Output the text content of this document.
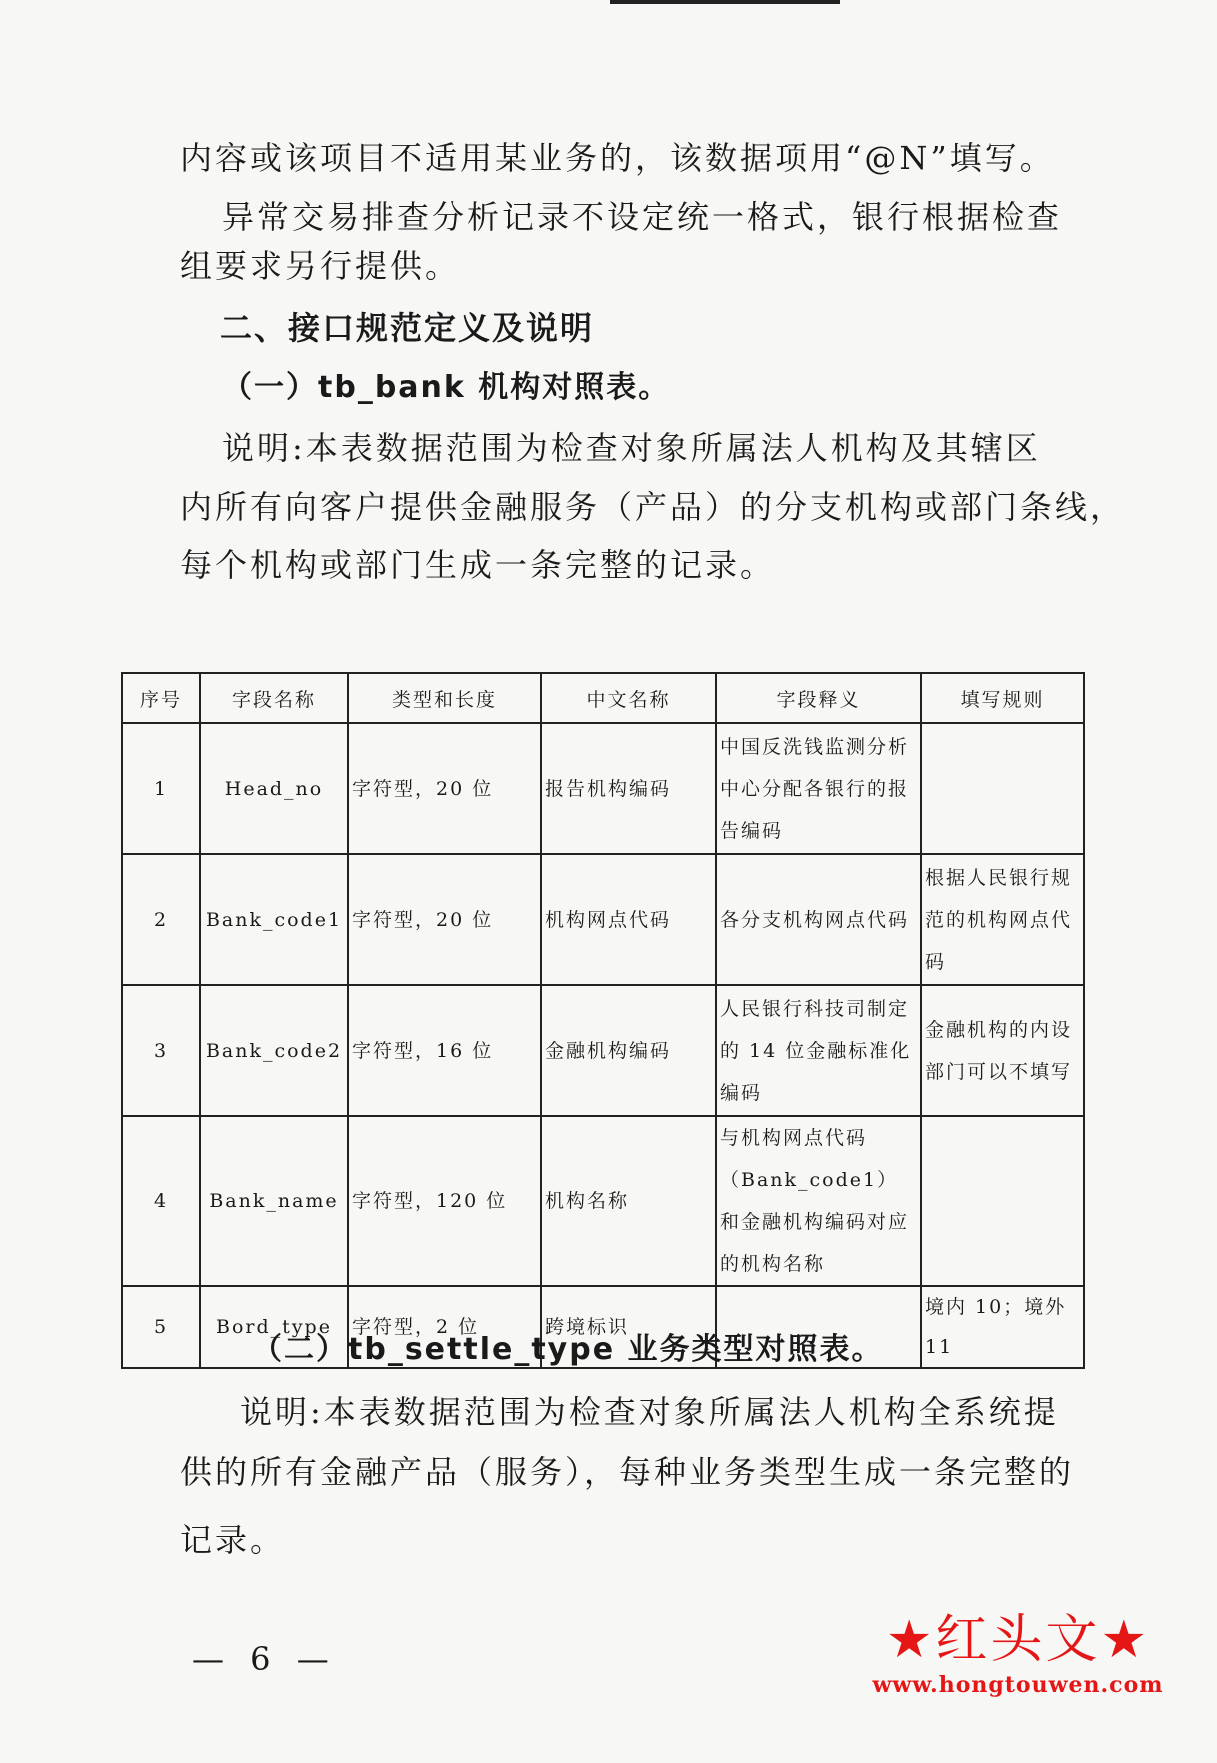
内容或该项目不适用某业务的，该数据项用“@N”填写。

异常交易排查分析记录不设定统一格式，银行根据检查

组要求另行提供。

二、接口规范定义及说明
（一）tb_bank 机构对照表。

说明:本表数据范围为检查对象所属法人机构及其辖区

内所有向客户提供金融服务（产品）的分支机构或部门条线，

每个机构或部门生成一条完整的记录。

序号	字段名称	类型和长度	中文名称	字段释义	填写规则
1	Head_no	字符型，20 位	报告机构编码	中国反洗钱监测分析中心分配各银行的报告编码	
2	Bank_code1	字符型，20 位	机构网点代码	各分支机构网点代码	根据人民银行规范的机构网点代码
3	Bank_code2	字符型，16 位	金融机构编码	人民银行科技司制定的 14 位金融标准化编码	金融机构的内设部门可以不填写
4	Bank_name	字符型，120 位	机构名称	与机构网点代码（Bank_code1）和金融机构编码对应的机构名称	
5	Bord_type	字符型，2 位	跨境标识		境内 10；境外 11
（二）tb_settle_type 业务类型对照表。

说明:本表数据范围为检查对象所属法人机构全系统提

供的所有金融产品（服务），每种业务类型生成一条完整的

记录。

— 6 —	★红头文★
www.hongtouwen.com
